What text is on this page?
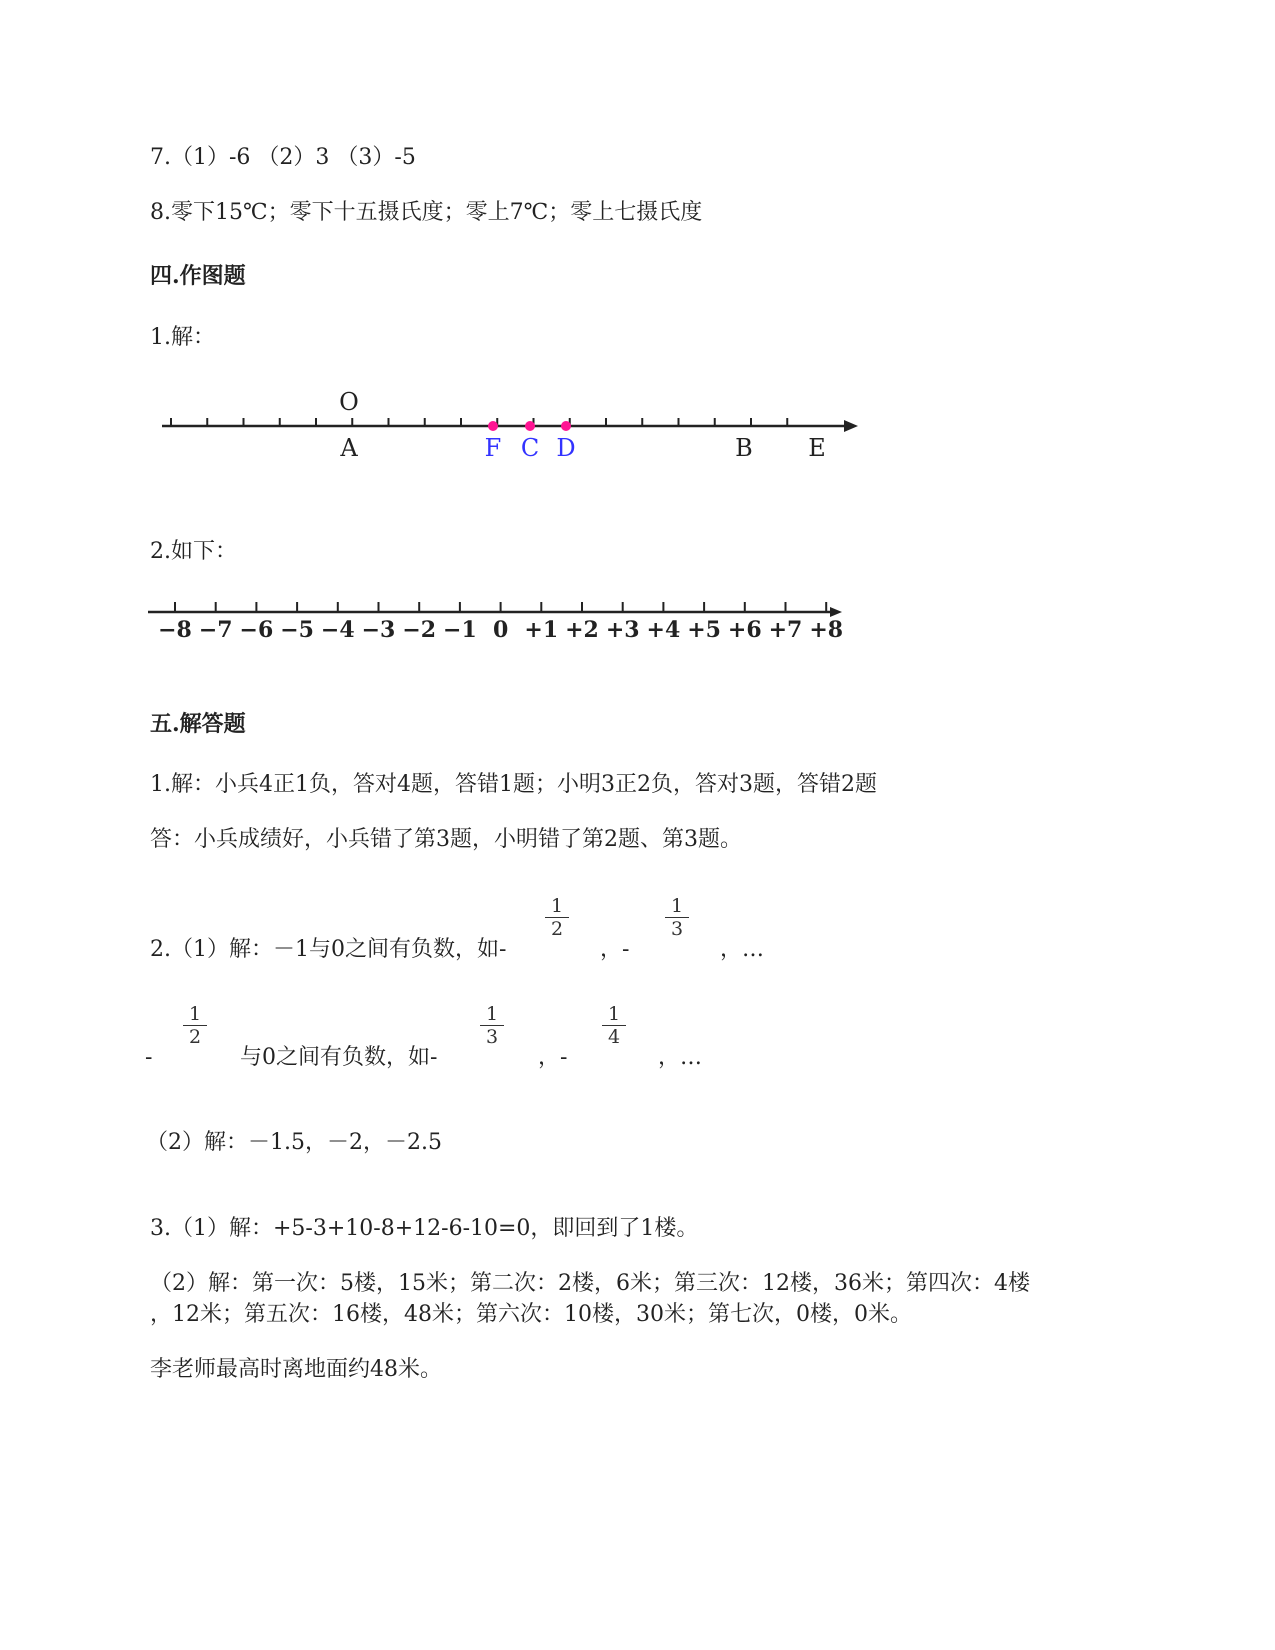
7.（1）-6 （2）3 （3）-5
8.零下15℃；零下十五摄氏度；零上7℃；零上七摄氏度
四.作图题
1.解：
O
A	F C D	B E
2.如下：
−8 −7 −6 −5 −4 −3 −2 −1 0 +1 +2 +3 +4 +5 +6 +7 +8
五.解答题
1.解：小兵4正1负，答对4题，答错1题；小明3正2负，答对3题，答错2题
答：小兵成绩好，小兵错了第3题，小明错了第2题、第3题。
2.（1）解：－1与0之间有负数，如-
$\frac{1}{2}$
，-
$\frac{1}{3}$
，…
-
$\frac{1}{2}$
与0之间有负数，如-
$\frac{1}{3}$
，-
$\frac{1}{4}$
，…
（2）解：－1.5，－2，－2.5
3.（1）解：+5-3+10-8+12-6-10=0，即回到了1楼。
（2）解：第一次：5楼，15米；第二次：2楼，6米；第三次：12楼，36米；第四次：4楼
，12米；第五次：16楼，48米；第六次：10楼，30米；第七次，0楼，0米。
李老师最高时离地面约48米。
